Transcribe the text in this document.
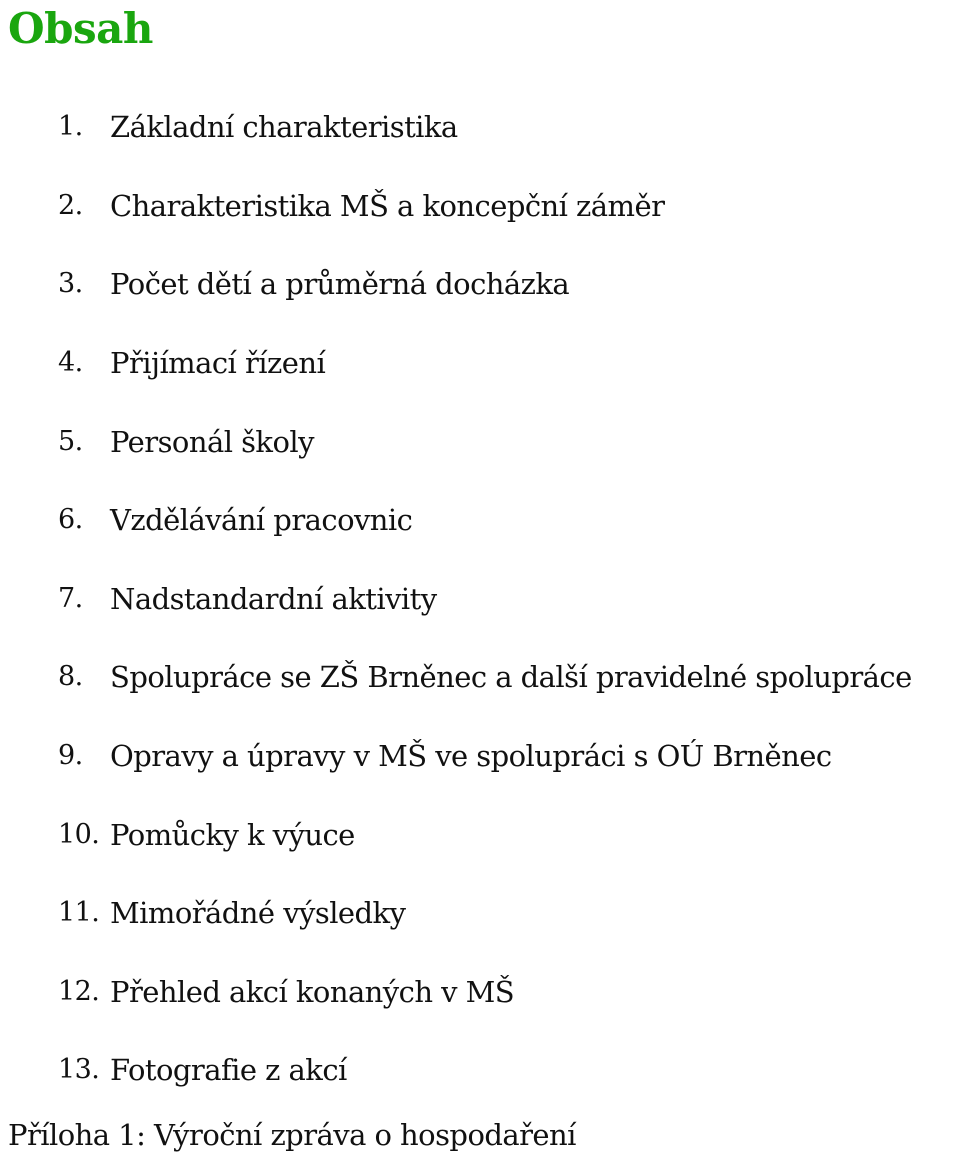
Obsah
1. Základní charakteristika
2. Charakteristika MŠ a koncepční záměr
3. Počet dětí a průměrná docházka
4. Přijímací řízení
5. Personál školy
6. Vzdělávání pracovnic
7. Nadstandardní aktivity
8. Spolupráce se ZŠ Brněnec a další pravidelné spolupráce
9. Opravy a úpravy v MŠ ve spolupráci s OÚ Brněnec
10. Pomůcky k výuce
11. Mimořádné výsledky
12. Přehled akcí konaných v MŠ
13. Fotografie z akcí

Příloha 1: Výroční zpráva o hospodaření
